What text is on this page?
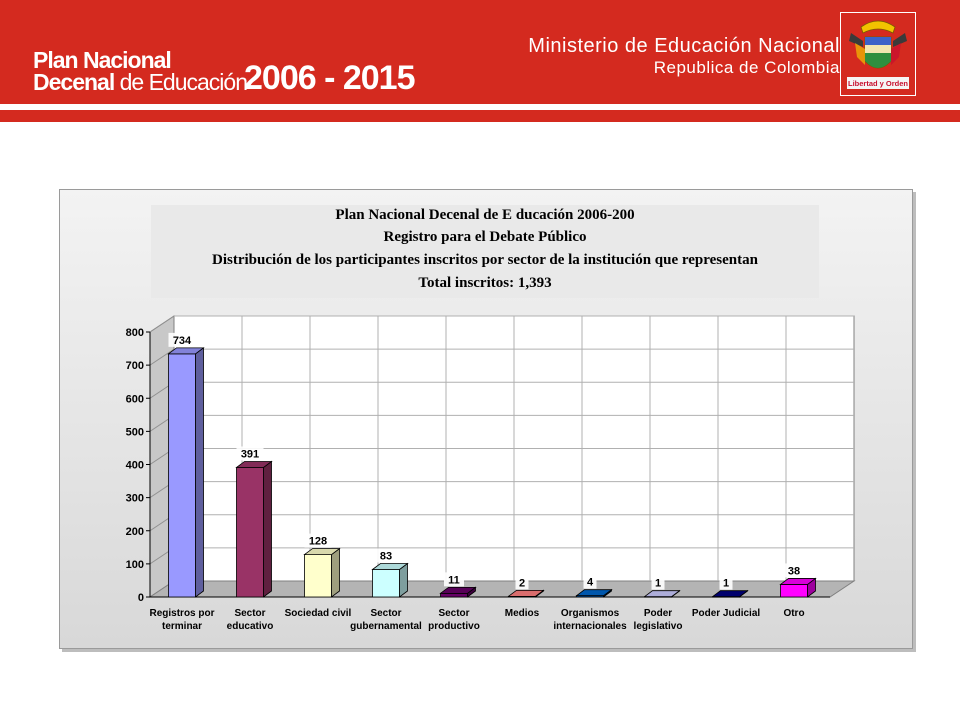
Plan Nacional
Decenal de Educación
2006 - 2015
Ministerio de Educación Nacional
Republica de Colombia
Libertad y Orden
Plan Nacional Decenal de E ducación 2006-200
Registro para el Debate Público
Distribución de los participantes inscritos por sector de la institución que representan
Total inscritos: 1,393
0
100
200
300
400
500
600
700
800
734
Registros por
terminar
391
Sector
educativo
128
Sociedad civil
83
Sector
gubernamental
11
Sector
productivo
2
Medios
4
Organismos
internacionales
1
Poder
legislativo
1
Poder Judicial
38
Otro
